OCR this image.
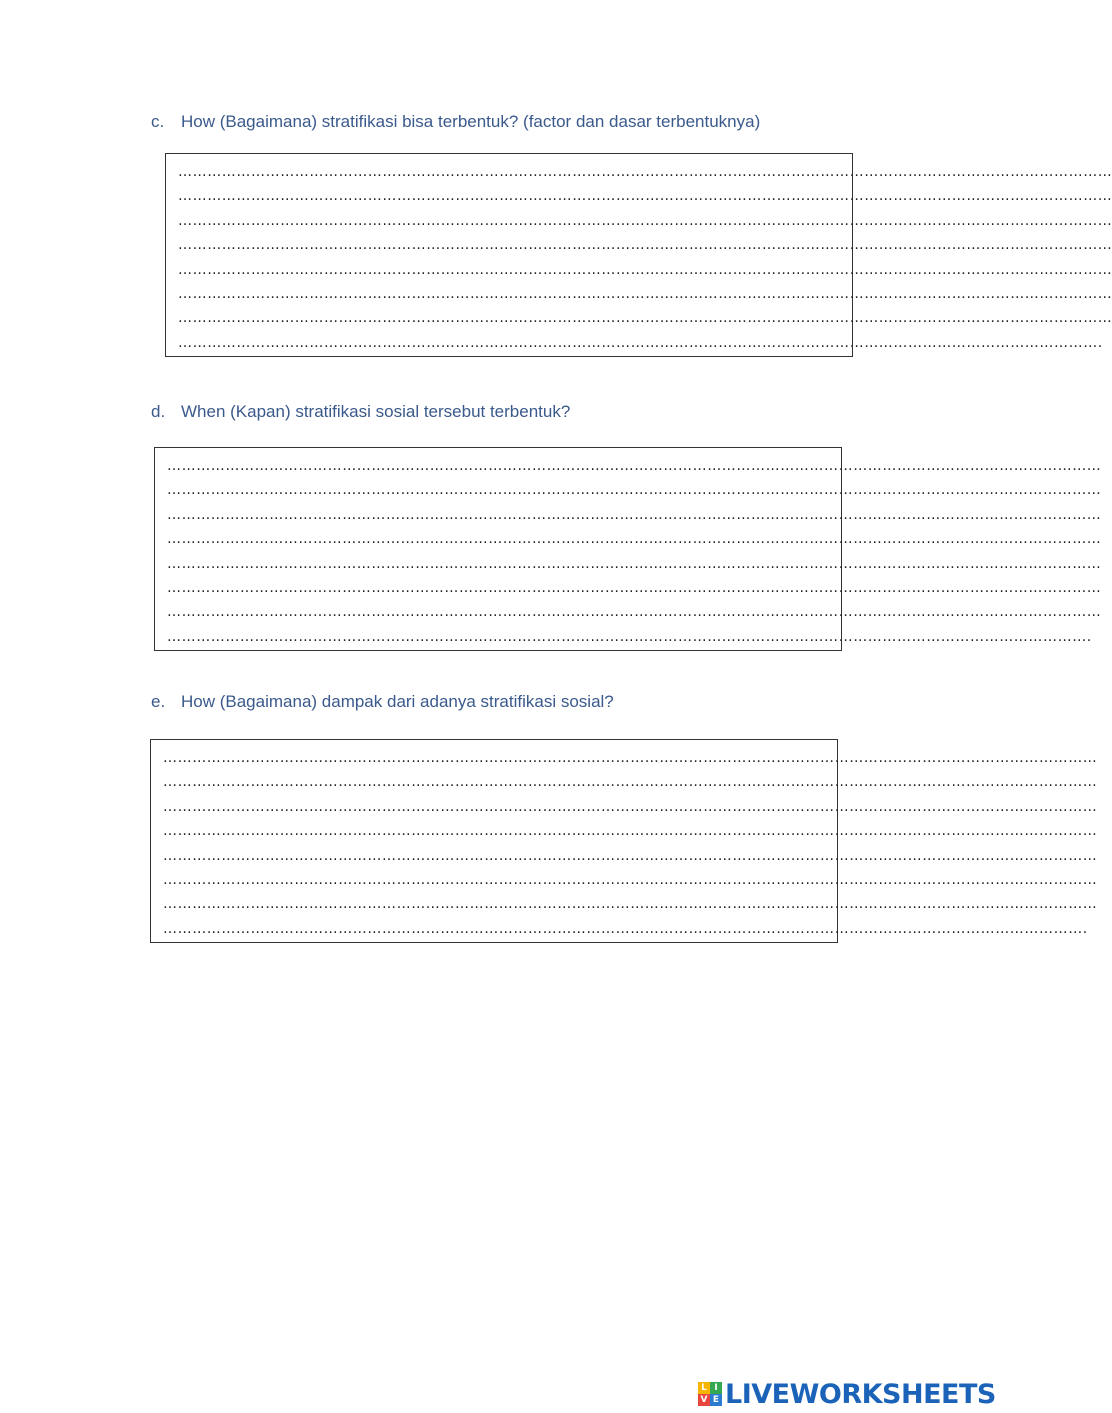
c. How (Bagaimana) stratifikasi bisa terbentuk? (factor dan dasar terbentuknya)
…………………………………………………………………………………………………………………………………………………………………………
…………………………………………………………………………………………………………………………………………………………………………
…………………………………………………………………………………………………………………………………………………………………………
…………………………………………………………………………………………………………………………………………………………………………
…………………………………………………………………………………………………………………………………………………………………………
…………………………………………………………………………………………………………………………………………………………………………
…………………………………………………………………………………………………………………………………………………………………………
……………………………………………………………………………………………………………………………………………………………………….
d. When (Kapan) stratifikasi sosial tersebut terbentuk?
…………………………………………………………………………………………………………………………………………………………………………
…………………………………………………………………………………………………………………………………………………………………………
…………………………………………………………………………………………………………………………………………………………………………
…………………………………………………………………………………………………………………………………………………………………………
…………………………………………………………………………………………………………………………………………………………………………
…………………………………………………………………………………………………………………………………………………………………………
…………………………………………………………………………………………………………………………………………………………………………
……………………………………………………………………………………………………………………………………………………………………….
e. How (Bagaimana) dampak dari adanya stratifikasi sosial?
…………………………………………………………………………………………………………………………………………………………………………
…………………………………………………………………………………………………………………………………………………………………………
…………………………………………………………………………………………………………………………………………………………………………
…………………………………………………………………………………………………………………………………………………………………………
…………………………………………………………………………………………………………………………………………………………………………
…………………………………………………………………………………………………………………………………………………………………………
…………………………………………………………………………………………………………………………………………………………………………
……………………………………………………………………………………………………………………………………………………………………….
L I
V E LIVEWORKSHEETS
